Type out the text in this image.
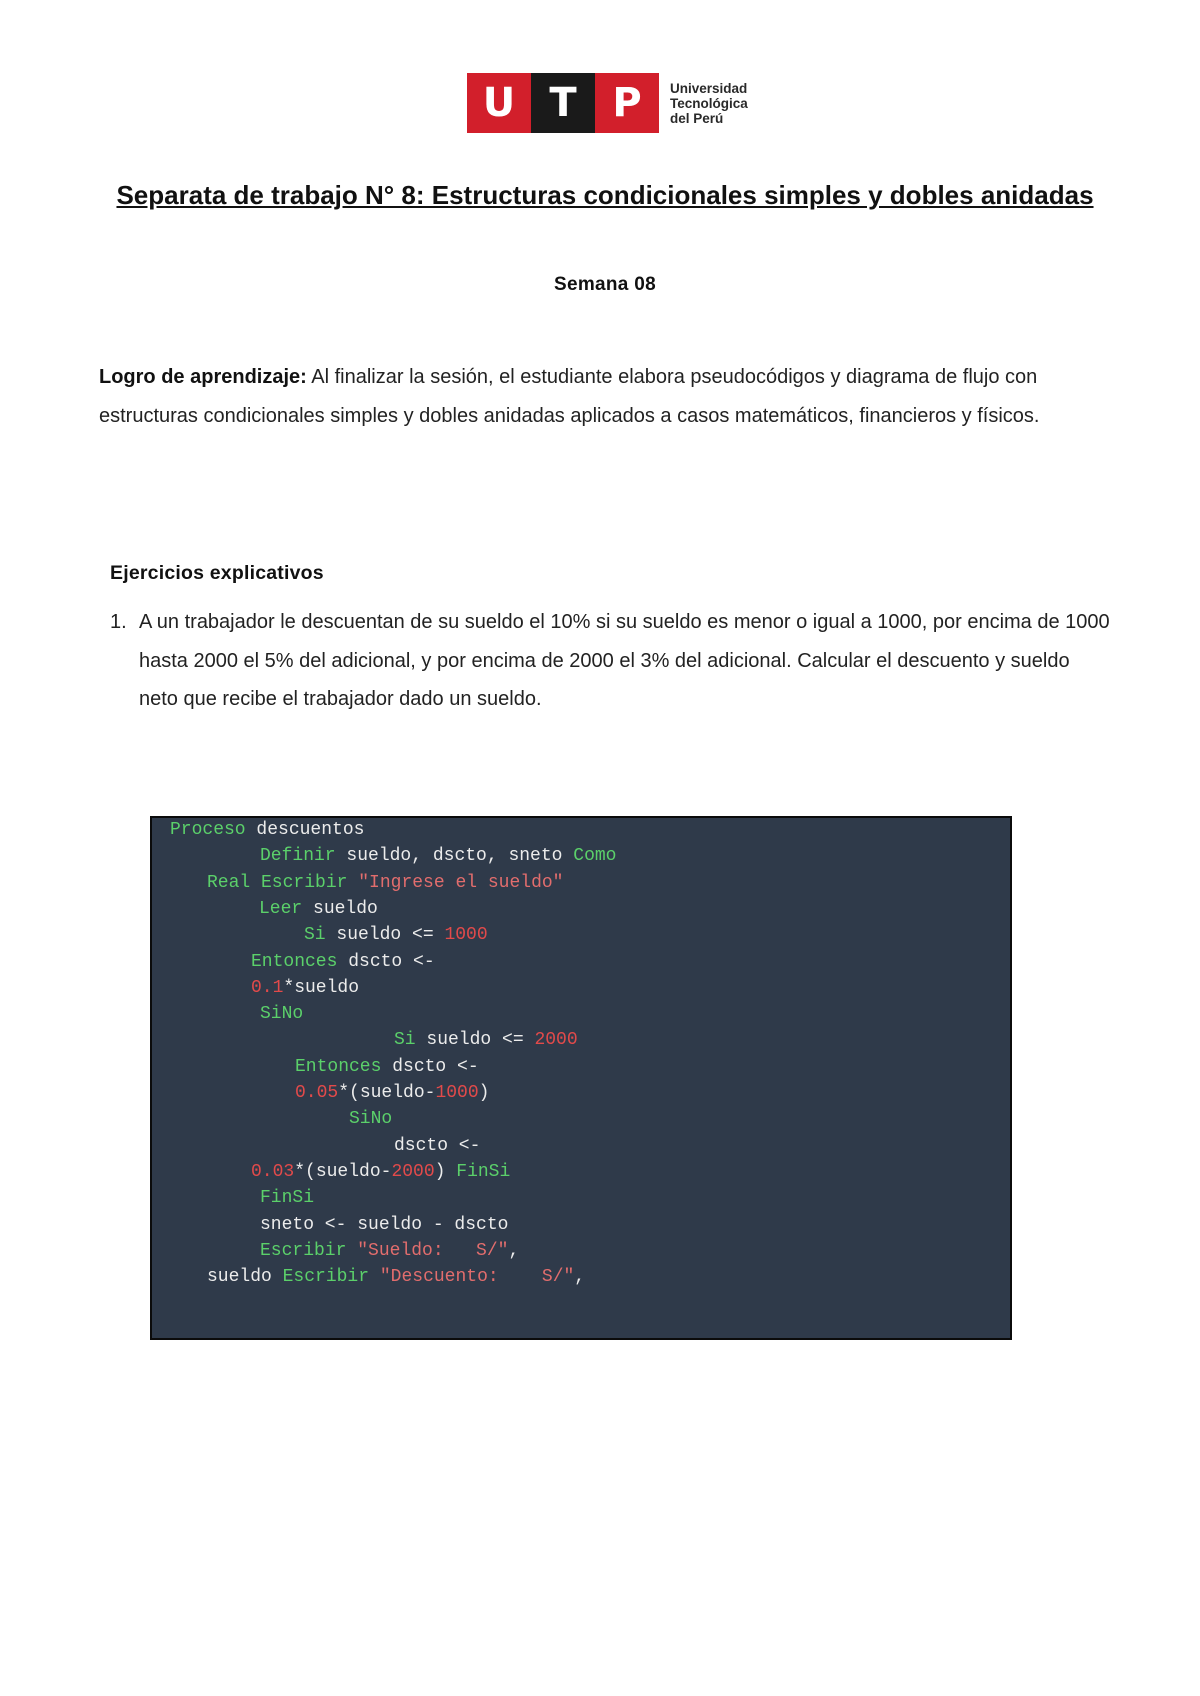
U T P	Universidad
Tecnológica
del Perú
Separata de trabajo N° 8: Estructuras condicionales simples y dobles anidadas
Semana 08
Logro de aprendizaje: Al finalizar la sesión, el estudiante elabora pseudocódigos y diagrama de flujo con estructuras condicionales simples y dobles anidadas aplicados a casos matemáticos, financieros y físicos.
Ejercicios explicativos
1. A un trabajador le descuentan de su sueldo el 10% si su sueldo es menor o igual a 1000, por encima de 1000 hasta 2000 el 5% del adicional, y por encima de 2000 el 3% del adicional. Calcular el descuento y sueldo neto que recibe el trabajador dado un sueldo.
Proceso descuentos
Definir sueldo, dscto, sneto Como
Real Escribir "Ingrese el sueldo"
Leer sueldo
Si sueldo <= 1000
Entonces dscto <-
0.1*sueldo
SiNo
Si sueldo <= 2000
Entonces dscto <-
0.05*(sueldo-1000)
SiNo
dscto <-
0.03*(sueldo-2000) FinSi
FinSi
sneto <- sueldo - dscto
Escribir "Sueldo:   S/",
sueldo Escribir "Descuento:    S/",
